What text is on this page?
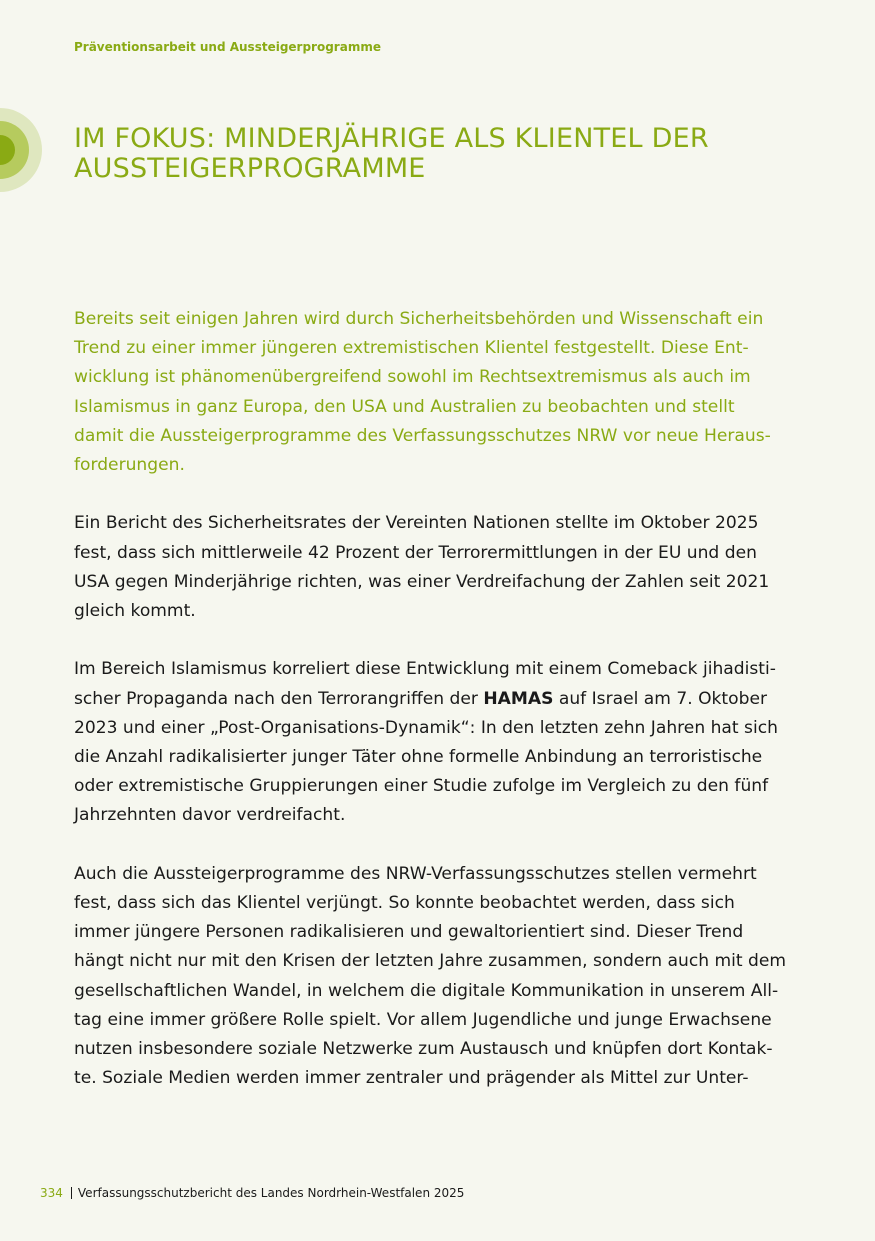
Präventionsarbeit und Aussteigerprogramme
IM FOKUS: MINDERJÄHRIGE ALS KLIENTEL DER
AUSSTEIGERPROGRAMME

Bereits seit einigen Jahren wird durch Sicherheitsbehörden und Wissenschaft ein
Trend zu einer immer jüngeren extremistischen Klientel festgestellt. Diese Ent-
wicklung ist phänomenübergreifend sowohl im Rechtsextremismus als auch im
Islamismus in ganz Europa, den USA und Australien zu beobachten und stellt
damit die Aussteigerprogramme des Verfassungsschutzes NRW vor neue Heraus-
forderungen.

Ein Bericht des Sicherheitsrates der Vereinten Nationen stellte im Oktober 2025
fest, dass sich mittlerweile 42 Prozent der Terrorermittlungen in der EU und den
USA gegen Minderjährige richten, was einer Verdreifachung der Zahlen seit 2021
gleich kommt.

Im Bereich Islamismus korreliert diese Entwicklung mit einem Comeback jihadisti-
scher Propaganda nach den Terrorangriffen der HAMAS auf Israel am 7. Oktober
2023 und einer „Post-Organisations-Dynamik“: In den letzten zehn Jahren hat sich
die Anzahl radikalisierter junger Täter ohne formelle Anbindung an terroristische
oder extremistische Gruppierungen einer Studie zufolge im Vergleich zu den fünf
Jahrzehnten davor verdreifacht.

Auch die Aussteigerprogramme des NRW-Verfassungsschutzes stellen vermehrt
fest, dass sich das Klientel verjüngt. So konnte beobachtet werden, dass sich
immer jüngere Personen radikalisieren und gewaltorientiert sind. Dieser Trend
hängt nicht nur mit den Krisen der letzten Jahre zusammen, sondern auch mit dem
gesellschaftlichen Wandel, in welchem die digitale Kommunikation in unserem All-
tag eine immer größere Rolle spielt. Vor allem Jugendliche und junge Erwachsene
nutzen insbesondere soziale Netzwerke zum Austausch und knüpfen dort Kontak-
te. Soziale Medien werden immer zentraler und prägender als Mittel zur Unter-

334 Verfassungsschutzbericht des Landes Nordrhein-Westfalen 2025
